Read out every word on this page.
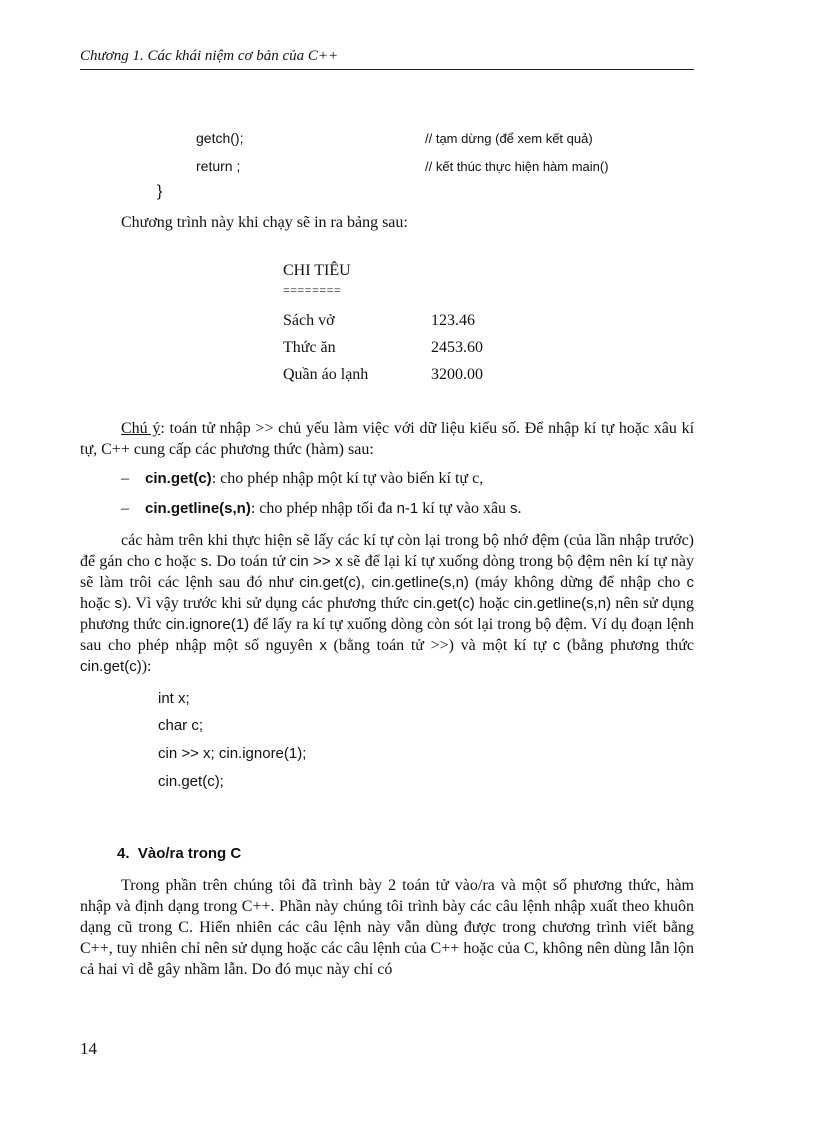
Chương 1. Các khái niệm cơ bản của C++
getch();	// tạm dừng (để xem kết quả)
return ;	// kết thúc thực hiện hàm main()
}
Chương trình này khi chạy sẽ in ra bảng sau:
CHI TIÊU
========
Sách vở	123.46
Thức ăn	2453.60
Quần áo lạnh	3200.00
Chú ý: toán tử nhập >> chủ yếu làm việc với dữ liệu kiểu số. Để nhập kí tự hoặc xâu kí tự, C++ cung cấp các phương thức (hàm) sau:
– cin.get(c): cho phép nhập một kí tự vào biến kí tự c,
– cin.getline(s,n): cho phép nhập tối đa n-1 kí tự vào xâu s.
các hàm trên khi thực hiện sẽ lấy các kí tự còn lại trong bộ nhớ đệm (của lần nhập trước) để gán cho c hoặc s. Do toán tử cin >> x sẽ để lại kí tự xuống dòng trong bộ đệm nên kí tự này sẽ làm trôi các lệnh sau đó như cin.get(c), cin.getline(s,n) (máy không dừng để nhập cho c hoặc s). Vì vậy trước khi sử dụng các phương thức cin.get(c) hoặc cin.getline(s,n) nên sử dụng phương thức cin.ignore(1) để lấy ra kí tự xuống dòng còn sót lại trong bộ đệm. Ví dụ đoạn lệnh sau cho phép nhập một số nguyên x (bằng toán tử >>) và một kí tự c (bằng phương thức cin.get(c)):
int x;
char c;
cin >> x; cin.ignore(1);
cin.get(c);
4.  Vào/ra trong C
Trong phần trên chúng tôi đã trình bày 2 toán tử vào/ra và một số phương thức, hàm nhập và định dạng trong C++. Phần này chúng tôi trình bày các câu lệnh nhập xuất theo khuôn dạng cũ trong C. Hiển nhiên các câu lệnh này vẫn dùng được trong chương trình viết bằng C++, tuy nhiên chỉ nên sử dụng hoặc các câu lệnh của C++ hoặc của C, không nên dùng lẫn lộn cả hai vì dễ gây nhầm lẫn. Do đó mục này chỉ có
14
